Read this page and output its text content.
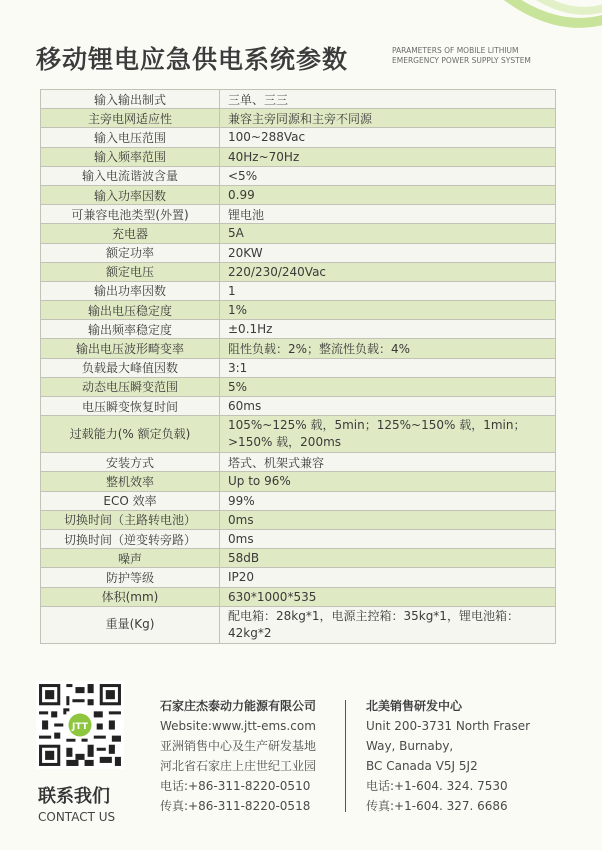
移动锂电应急供电系统参数	PARAMETERS OF MOBILE LITHIUM
EMERGENCY POWER SUPPLY SYSTEM
输入输出制式	三单、三三
主旁电网适应性	兼容主旁同源和主旁不同源
输入电压范围	100~288Vac
输入频率范围	40Hz~70Hz
输入电流谐波含量	<5%
输入功率因数	0.99
可兼容电池类型(外置)	锂电池
充电器	5A
额定功率	20KW
额定电压	220/230/240Vac
输出功率因数	1
输出电压稳定度	1%
输出频率稳定度	±0.1Hz
输出电压波形畸变率	阻性负载：2%；整流性负载：4%
负载最大峰值因数	3:1
动态电压瞬变范围	5%
电压瞬变恢复时间	60ms
过载能力(% 额定负载)	105%~125% 载，5min；125%~150% 载，1min；>150% 载，200ms
安装方式	塔式、机架式兼容
整机效率	Up to 96%
ECO 效率	99%
切换时间（主路转电池）	0ms
切换时间（逆变转旁路）	0ms
噪声	58dB
防护等级	IP20
体积(mm)	630*1000*535
重量(Kg)	配电箱：28kg*1，电源主控箱：35kg*1，锂电池箱：42kg*2
JTT
联系我们
CONTACT US
石家庄杰泰动力能源有限公司
Website:www.jtt-ems.com
亚洲销售中心及生产研发基地
河北省石家庄上庄世纪工业园
电话:+86-311-8220-0510
传真:+86-311-8220-0518
北美销售研发中心
Unit 200-3731 North Fraser
Way, Burnaby,
BC Canada V5J 5J2
电话:+1-604. 324. 7530
传真:+1-604. 327. 6686
